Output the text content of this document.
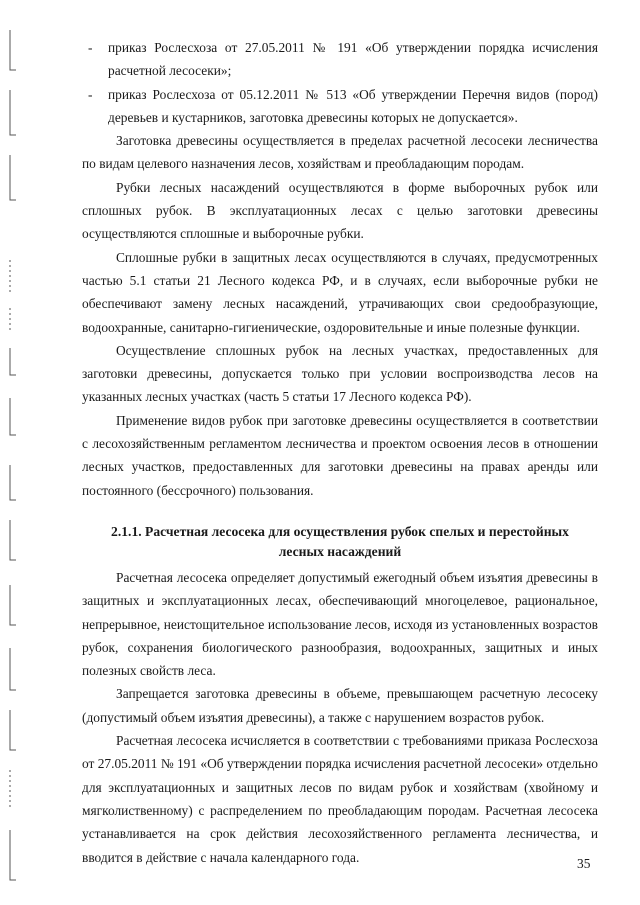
-	приказ Рослесхоза от 27.05.2011 № 191 «Об утверждении порядка исчисления расчетной лесосеки»;
-	приказ Рослесхоза от 05.12.2011 № 513 «Об утверждении Перечня видов (пород) деревьев и кустарников, заготовка древесины которых не допускается».

Заготовка древесины осуществляется в пределах расчетной лесосеки лесничества по видам целевого назначения лесов, хозяйствам и преобладающим породам.

Рубки лесных насаждений осуществляются в форме выборочных рубок или сплошных рубок. В эксплуатационных лесах с целью заготовки древесины осуществляются сплошные и выборочные рубки.

Сплошные рубки в защитных лесах осуществляются в случаях, предусмотренных частью 5.1 статьи 21 Лесного кодекса РФ, и в случаях, если выборочные рубки не обеспечивают замену лесных насаждений, утрачивающих свои средообразующие, водоохранные, санитарно-гигиенические, оздоровительные и иные полезные функции.

Осуществление сплошных рубок на лесных участках, предоставленных для заготовки древесины, допускается только при условии воспроизводства лесов на указанных лесных участках (часть 5 статьи 17 Лесного кодекса РФ).

Применение видов рубок при заготовке древесины осуществляется в соответствии с лесохозяйственным регламентом лесничества и проектом освоения лесов в отношении лесных участков, предоставленных для заготовки древесины на правах аренды или постоянного (бессрочного) пользования.

2.1.1. Расчетная лесосека для осуществления рубок спелых и перестойных лесных насаждений

Расчетная лесосека определяет допустимый ежегодный объем изъятия древесины в защитных и эксплуатационных лесах, обеспечивающий многоцелевое, рациональное, непрерывное, неистощительное использование лесов, исходя из установленных возрастов рубок, сохранения биологического разнообразия, водоохранных, защитных и иных полезных свойств леса.

Запрещается заготовка древесины в объеме, превышающем расчетную лесосеку (допустимый объем изъятия древесины), а также с нарушением возрастов рубок.

Расчетная лесосека исчисляется в соответствии с требованиями приказа Рослесхоза от 27.05.2011 № 191 «Об утверждении порядка исчисления расчетной лесосеки» отдельно для эксплуатационных и защитных лесов по видам рубок и хозяйствам (хвойному и мягколиственному) с распределением по преобладающим породам. Расчетная лесосека устанавливается на срок действия лесохозяйственного регламента лесничества, и вводится в действие с начала календарного года.	35
